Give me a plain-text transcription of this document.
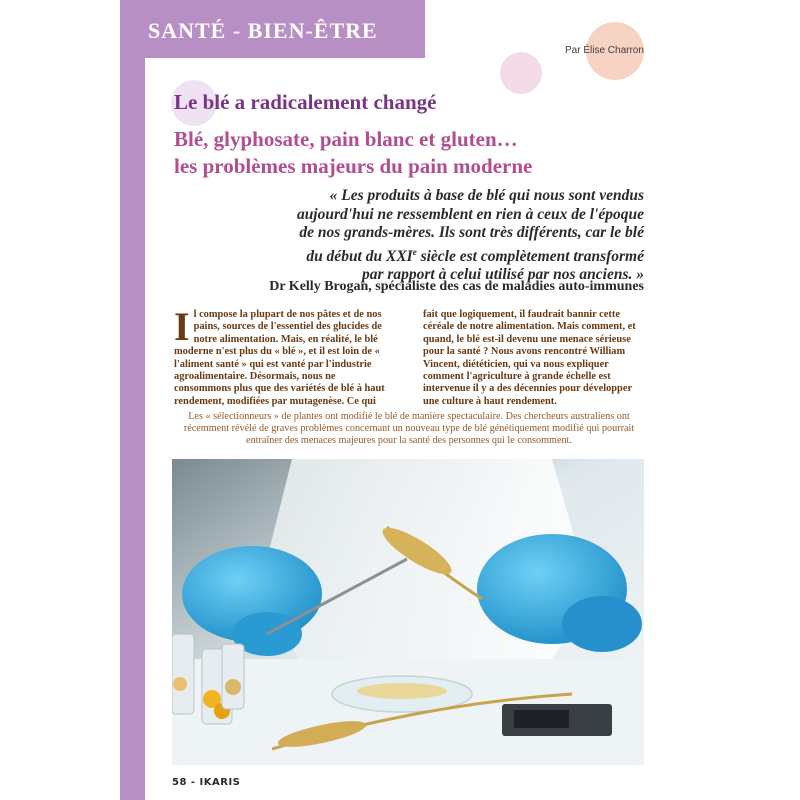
SANTÉ - BIEN-ÊTRE
Par Élise Charron
Le blé a radicalement changé
Blé, glyphosate, pain blanc et gluten…
les problèmes majeurs du pain moderne
« Les produits à base de blé qui nous sont vendus
aujourd'hui ne ressemblent en rien à ceux de l'époque
de nos grands-mères. Ils sont très différents, car le blé
du début du XXIe siècle est complètement transformé
par rapport à celui utilisé par nos anciens. »
Dr Kelly Brogan, spécialiste des cas de maladies auto-immunes
Il compose la plupart de nos pâtes et de nos pains, sources de l'essentiel des glucides de notre alimentation. Mais, en réalité, le blé moderne n'est plus du « blé », et il est loin de « l'aliment santé » qui est vanté par l'industrie agroalimentaire. Désormais, nous ne consommons plus que des variétés de blé à haut rendement, modifiées par mutagenèse. Ce qui
fait que logiquement, il faudrait bannir cette céréale de notre alimentation. Mais comment, et quand, le blé est-il devenu une menace sérieuse pour la santé ? Nous avons rencontré William Vincent, diététicien, qui va nous expliquer comment l'agriculture à grande échelle est intervenue il y a des décennies pour développer une culture à haut rendement.
Les « sélectionneurs » de plantes ont modifié le blé de manière spectaculaire. Des chercheurs australiens ont récemment révélé de graves problèmes concernant un nouveau type de blé génétiquement modifié qui pourrait entraîner des menaces majeures pour la santé des personnes qui le consomment.
58 - IKARIS
